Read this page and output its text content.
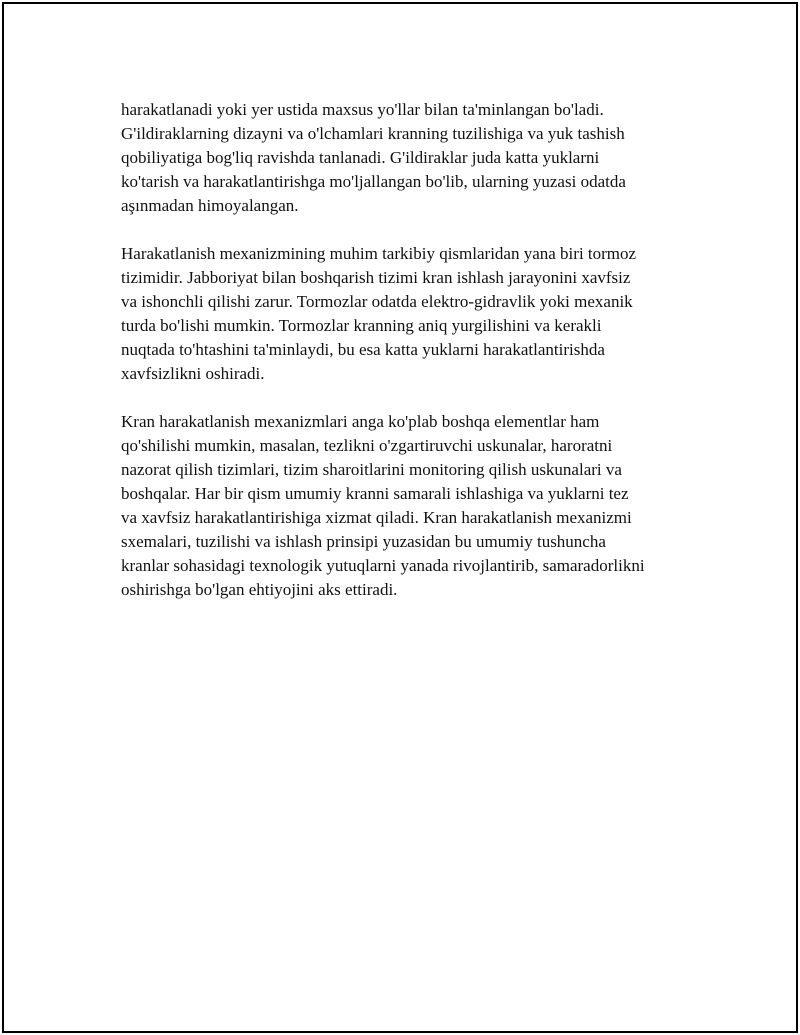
harakatlanadi yoki yer ustida maxsus yo'llar bilan ta'minlangan bo'ladi.
G'ildiraklarning dizayni va o'lchamlari kranning tuzilishiga va yuk tashish
qobiliyatiga bog'liq ravishda tanlanadi. G'ildiraklar juda katta yuklarni
ko'tarish va harakatlantirishga mo'ljallangan bo'lib, ularning yuzasi odatda
aşınmadan himoyalangan.

Harakatlanish mexanizmining muhim tarkibiy qismlaridan yana biri tormoz
tizimidir. Jabboriyat bilan boshqarish tizimi kran ishlash jarayonini xavfsiz
va ishonchli qilishi zarur. Tormozlar odatda elektro-gidravlik yoki mexanik
turda bo'lishi mumkin. Tormozlar kranning aniq yurgilishini va kerakli
nuqtada to'htashini ta'minlaydi, bu esa katta yuklarni harakatlantirishda
xavfsizlikni oshiradi.

Kran harakatlanish mexanizmlari anga ko'plab boshqa elementlar ham
qo'shilishi mumkin, masalan, tezlikni o'zgartiruvchi uskunalar, haroratni
nazorat qilish tizimlari, tizim sharoitlarini monitoring qilish uskunalari va
boshqalar. Har bir qism umumiy kranni samarali ishlashiga va yuklarni tez
va xavfsiz harakatlantirishiga xizmat qiladi. Kran harakatlanish mexanizmi
sxemalari, tuzilishi va ishlash prinsipi yuzasidan bu umumiy tushuncha
kranlar sohasidagi texnologik yutuqlarni yanada rivojlantirib, samaradorlikni
oshirishga bo'lgan ehtiyojini aks ettiradi.
